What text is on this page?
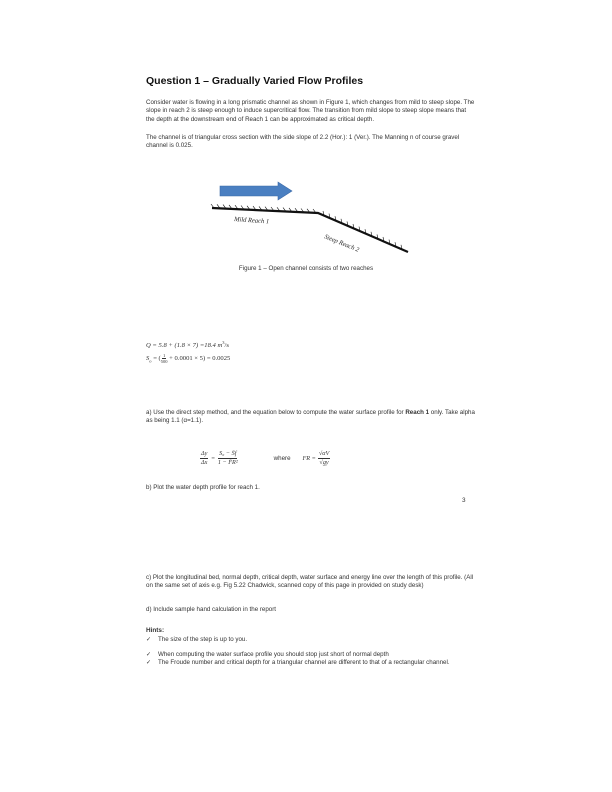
Question 1 – Gradually Varied Flow Profiles
Consider water is flowing in a long prismatic channel as shown in Figure 1, which changes from mild to steep slope. The slope in reach 2 is steep enough to induce supercritical flow. The transition from mild slope to steep slope means that the depth at the downstream end of Reach 1 can be approximated as critical depth.
The channel is of triangular cross section with the side slope of 2.2 (Hor.): 1 (Ver.). The Manning n of course gravel channel is 0.025.
Mild Reach 1
Steep Reach 2
Figure 1 – Open channel consists of two reaches
Q = 5.8 + (1.8 × 7) =18.4 $m^3/s$
$S_o$ = ( $\frac{1}{500} + 0.0001 \times 5) = 0.0025$
a) Use the direct step method, and the equation below to compute the water surface profile for Reach 1 only. Take alpha as being 1.1 (α=1.1).
$\frac{\Delta y}{\Delta x} = \frac{\text{S₀ − S̄f}}{\text{1 − F̄R²}}$	where FR = $\frac{√\alpha V}{√gy}$
b) Plot the water depth profile for reach 1.
3
c) Plot the longitudinal bed, normal depth, critical depth, water surface and energy line over the length of this profile. (All on the same set of axis e.g. Fig 5.22 Chadwick, scanned copy of this page in provided on study desk)
d) Include sample hand calculation in the report
Hints:
✓	The size of the step is up to you.
✓	When computing the water surface profile you should stop just short of normal depth
✓	The Froude number and critical depth for a triangular channel are different to that of a rectangular channel.
